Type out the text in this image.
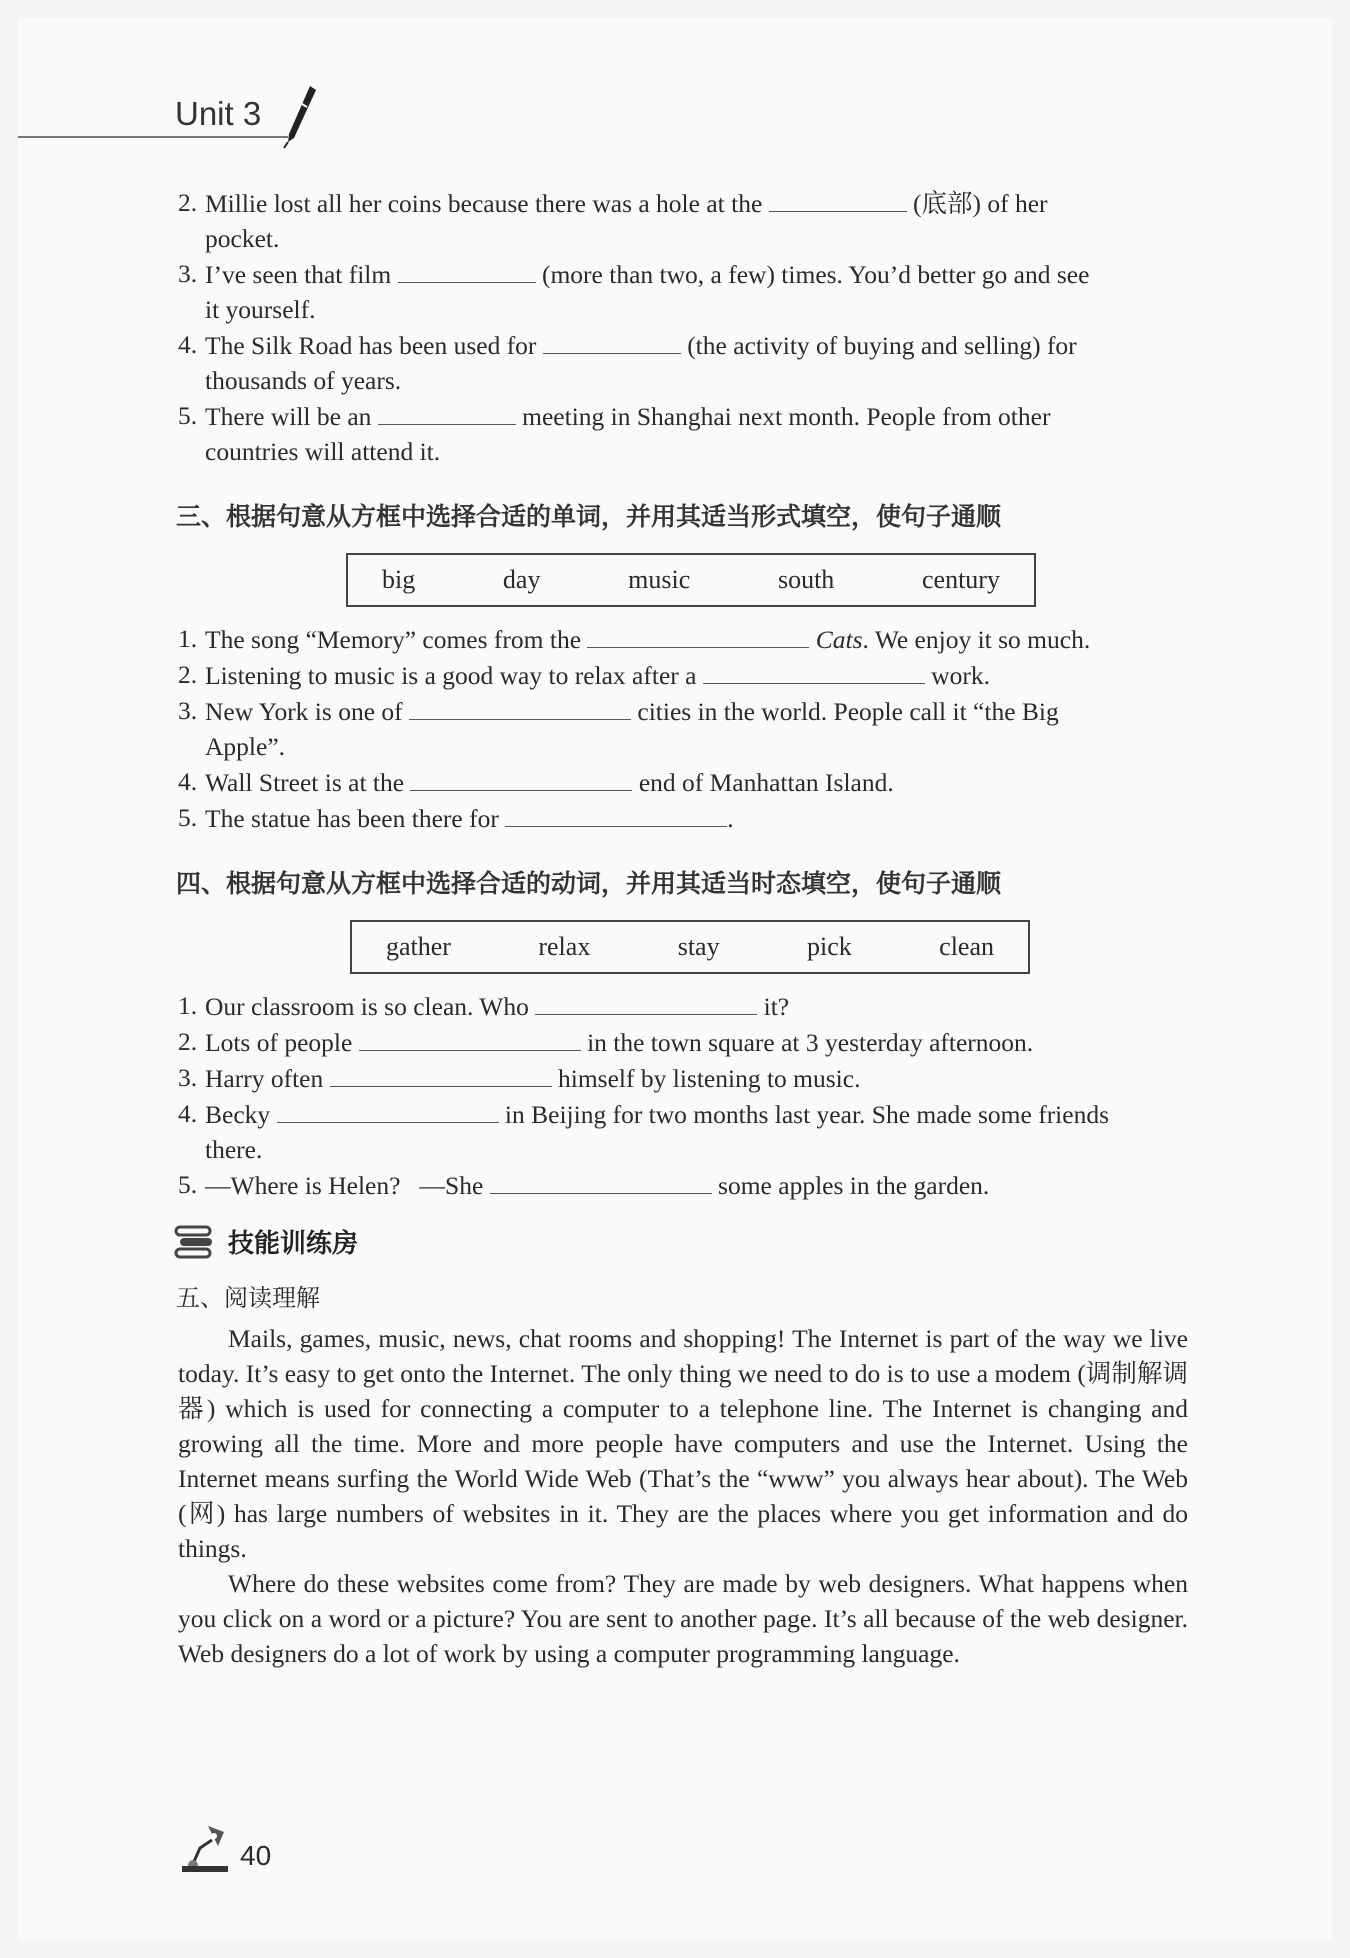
Unit 3
2. Millie lost all her coins because there was a hole at the	(底部) of her
pocket.
3. I’ve seen that film	(more than two, a few) times. You’d better go and see
it yourself.
4. The Silk Road has been used for	(the activity of buying and selling) for
thousands of years.
5. There will be an	meeting in Shanghai next month. People from other
countries will attend it.
三、根据句意从方框中选择合适的单词，并用其适当形式填空，使句子通顺
big	day	music	south	century
1. The song “Memory” comes from the	Cats. We enjoy it so much.
2. Listening to music is a good way to relax after a	work.
3. New York is one of	cities in the world. People call it “the Big
Apple”.
4. Wall Street is at the	end of Manhattan Island.
5. The statue has been there for	.
四、根据句意从方框中选择合适的动词，并用其适当时态填空，使句子通顺
gather	relax	stay	pick	clean
1. Our classroom is so clean. Who	it?
2. Lots of people	in the town square at 3 yesterday afternoon.
3. Harry often	himself by listening to music.
4. Becky	in Beijing for two months last year. She made some friends
there.
5. —Where is Helen?   —She	some apples in the garden.
技能训练房
五、阅读理解
Mails, games, music, news, chat rooms and shopping! The Internet is part of the way we live today. It’s easy to get onto the Internet. The only thing we need to do is to use a modem (调制解调器) which is used for connecting a computer to a telephone line. The Internet is changing and growing all the time. More and more people have computers and use the Internet. Using the Internet means surfing the World Wide Web (That’s the “www” you always hear about). The Web (网) has large numbers of websites in it. They are the places where you get information and do things.
Where do these websites come from? They are made by web designers. What happens when you click on a word or a picture? You are sent to another page. It’s all because of the web designer. Web designers do a lot of work by using a computer programming language.
40
